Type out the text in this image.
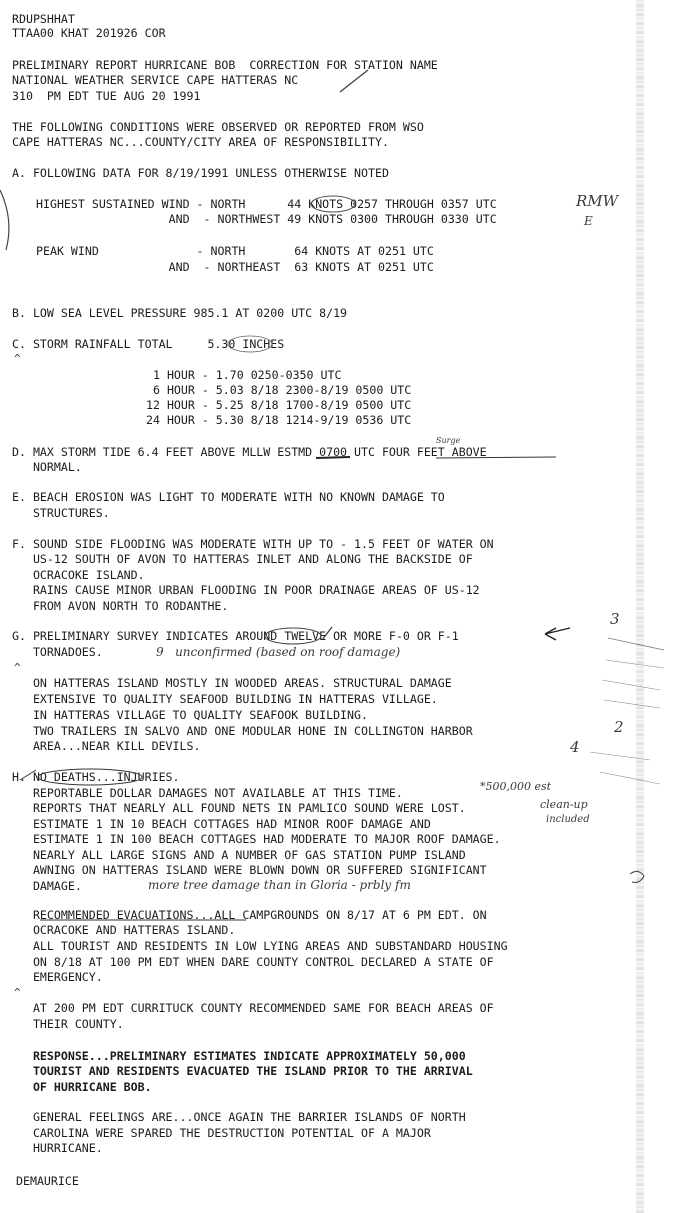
RDUPSHHAT
TTAA00 KHAT 201926 COR
PRELIMINARY REPORT HURRICANE BOB  CORRECTION FOR STATION NAME
NATIONAL WEATHER SERVICE CAPE HATTERAS NC
310  PM EDT TUE AUG 20 1991
THE FOLLOWING CONDITIONS WERE OBSERVED OR REPORTED FROM WSO
CAPE HATTERAS NC...COUNTY/CITY AREA OF RESPONSIBILITY.
A. FOLLOWING DATA FOR 8/19/1991 UNLESS OTHERWISE NOTED
HIGHEST SUSTAINED WIND - NORTH      44 KNOTS 0257 THROUGH 0357 UTC
AND  - NORTHWEST 49 KNOTS 0300 THROUGH 0330 UTC
PEAK WIND              - NORTH       64 KNOTS AT 0251 UTC
AND  - NORTHEAST  63 KNOTS AT 0251 UTC
B. LOW SEA LEVEL PRESSURE 985.1 AT 0200 UTC 8/19
C. STORM RAINFALL TOTAL     5.30 INCHES
^
1 HOUR - 1.70 0250-0350 UTC
6 HOUR - 5.03 8/18 2300-8/19 0500 UTC
12 HOUR - 5.25 8/18 1700-8/19 0500 UTC
24 HOUR - 5.30 8/18 1214-9/19 0536 UTC
D. MAX STORM TIDE 6.4 FEET ABOVE MLLW ESTMD 0700 UTC FOUR FEET ABOVE
NORMAL.
E. BEACH EROSION WAS LIGHT TO MODERATE WITH NO KNOWN DAMAGE TO
STRUCTURES.
F. SOUND SIDE FLOODING WAS MODERATE WITH UP TO - 1.5 FEET OF WATER ON
US-12 SOUTH OF AVON TO HATTERAS INLET AND ALONG THE BACKSIDE OF
OCRACOKE ISLAND.
RAINS CAUSE MINOR URBAN FLOODING IN POOR DRAINAGE AREAS OF US-12
FROM AVON NORTH TO RODANTHE.
G. PRELIMINARY SURVEY INDICATES AROUND TWELVE OR MORE F-0 OR F-1
TORNADOES.
^
ON HATTERAS ISLAND MOSTLY IN WOODED AREAS. STRUCTURAL DAMAGE
EXTENSIVE TO QUALITY SEAFOOD BUILDING IN HATTERAS VILLAGE.
IN HATTERAS VILLAGE TO QUALITY SEAFOOK BUILDING.
TWO TRAILERS IN SALVO AND ONE MODULAR HONE IN COLLINGTON HARBOR
AREA...NEAR KILL DEVILS.
H. NO DEATHS...INJURIES.
REPORTABLE DOLLAR DAMAGES NOT AVAILABLE AT THIS TIME.
REPORTS THAT NEARLY ALL FOUND NETS IN PAMLICO SOUND WERE LOST.
ESTIMATE 1 IN 10 BEACH COTTAGES HAD MINOR ROOF DAMAGE AND
ESTIMATE 1 IN 100 BEACH COTTAGES HAD MODERATE TO MAJOR ROOF DAMAGE.
NEARLY ALL LARGE SIGNS AND A NUMBER OF GAS STATION PUMP ISLAND
AWNING ON HATTERAS ISLAND WERE BLOWN DOWN OR SUFFERED SIGNIFICANT
DAMAGE.
RECOMMENDED EVACUATIONS...ALL CAMPGROUNDS ON 8/17 AT 6 PM EDT. ON
OCRACOKE AND HATTERAS ISLAND.
ALL TOURIST AND RESIDENTS IN LOW LYING AREAS AND SUBSTANDARD HOUSING
ON 8/18 AT 100 PM EDT WHEN DARE COUNTY CONTROL DECLARED A STATE OF
EMERGENCY.
^
AT 200 PM EDT CURRITUCK COUNTY RECOMMENDED SAME FOR BEACH AREAS OF
THEIR COUNTY.
RESPONSE...PRELIMINARY ESTIMATES INDICATE APPROXIMATELY 50,000
TOURIST AND RESIDENTS EVACUATED THE ISLAND PRIOR TO THE ARRIVAL
OF HURRICANE BOB.
GENERAL FEELINGS ARE...ONCE AGAIN THE BARRIER ISLANDS OF NORTH
CAROLINA WERE SPARED THE DESTRUCTION POTENTIAL OF A MAJOR
HURRICANE.
DEMAURICE
RMW
E
Surge
9   unconfirmed (based on roof damage)
*500,000 est
clean-up
included
more tree damage than in Gloria - prbly fm
3
4
2
